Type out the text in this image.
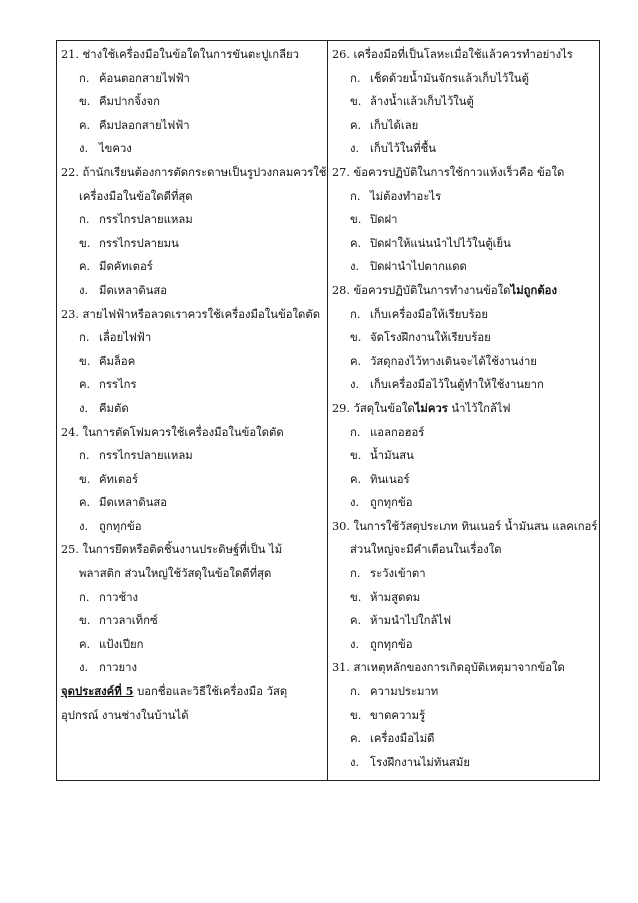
21. ช่างใช้เครื่องมือในข้อใดในการขันตะปูเกลียว
ก. ค้อนตอกสายไฟฟ้า
ข. คีมปากจิ้งจก
ค. คีมปลอกสายไฟฟ้า
ง. ไขควง
22. ถ้านักเรียนต้องการตัดกระดาษเป็นรูปวงกลมควรใช้
เครื่องมือในข้อใดดีที่สุด
ก. กรรไกรปลายแหลม
ข. กรรไกรปลายมน
ค. มีดคัทเตอร์
ง. มีดเหลาดินสอ
23. สายไฟฟ้าหรือลวดเราควรใช้เครื่องมือในข้อใดตัด
ก. เลื่อยไฟฟ้า
ข. คีมล็อค
ค. กรรไกร
ง. คีมตัด
24. ในการตัดโฟมควรใช้เครื่องมือในข้อใดตัด
ก. กรรไกรปลายแหลม
ข. คัทเตอร์
ค. มีดเหลาดินสอ
ง. ถูกทุกข้อ
25. ในการยึดหรือติดชิ้นงานประดิษฐ์ที่เป็น ไม้
พลาสติก ส่วนใหญ่ใช้วัสดุในข้อใดดีที่สุด
ก. กาวช้าง
ข. กาวลาเท็กซ์
ค. แป้งเปียก
ง. กาวยาง
จุดประสงค์ที่ 5 บอกชื่อและวิธีใช้เครื่องมือ วัสดุ
อุปกรณ์ งานช่างในบ้านได้
26. เครื่องมือที่เป็นโลหะเมื่อใช้แล้วควรทำอย่างไร
ก. เช็ดด้วยน้ำมันจักรแล้วเก็บไว้ในตู้
ข. ล้างน้ำแล้วเก็บไว้ในตู้
ค. เก็บได้เลย
ง. เก็บไว้ในที่ชื้น
27. ข้อควรปฏิบัติในการใช้กาวแห้งเร็วคือ ข้อใด
ก. ไม่ต้องทำอะไร
ข. ปิดฝา
ค. ปิดฝาให้แน่นนำไปไว้ในตู้เย็น
ง. ปิดฝานำไปตากแดด
28. ข้อควรปฏิบัติในการทำงานข้อใดไม่ถูกต้อง
ก. เก็บเครื่องมือให้เรียบร้อย
ข. จัดโรงฝึกงานให้เรียบร้อย
ค. วัสดุกองไว้ทางเดินจะได้ใช้งานง่าย
ง. เก็บเครื่องมือไว้ในตู้ทำให้ใช้งานยาก
29. วัสดุในข้อใดไม่ควร นำไว้ใกล้ไฟ
ก. แอลกอฮอร์
ข. น้ำมันสน
ค. ทินเนอร์
ง. ถูกทุกข้อ
30. ในการใช้วัสดุประเภท ทินเนอร์ น้ำมันสน แลคเกอร์
ส่วนใหญ่จะมีคำเตือนในเรื่องใด
ก. ระวังเข้าตา
ข. ห้ามสูดดม
ค. ห้ามนำไปใกล้ไฟ
ง. ถูกทุกข้อ
31. สาเหตุหลักของการเกิดอุบัติเหตุมาจากข้อใด
ก. ความประมาท
ข. ขาดความรู้
ค. เครื่องมือไม่ดี
ง. โรงฝึกงานไม่ทันสมัย
